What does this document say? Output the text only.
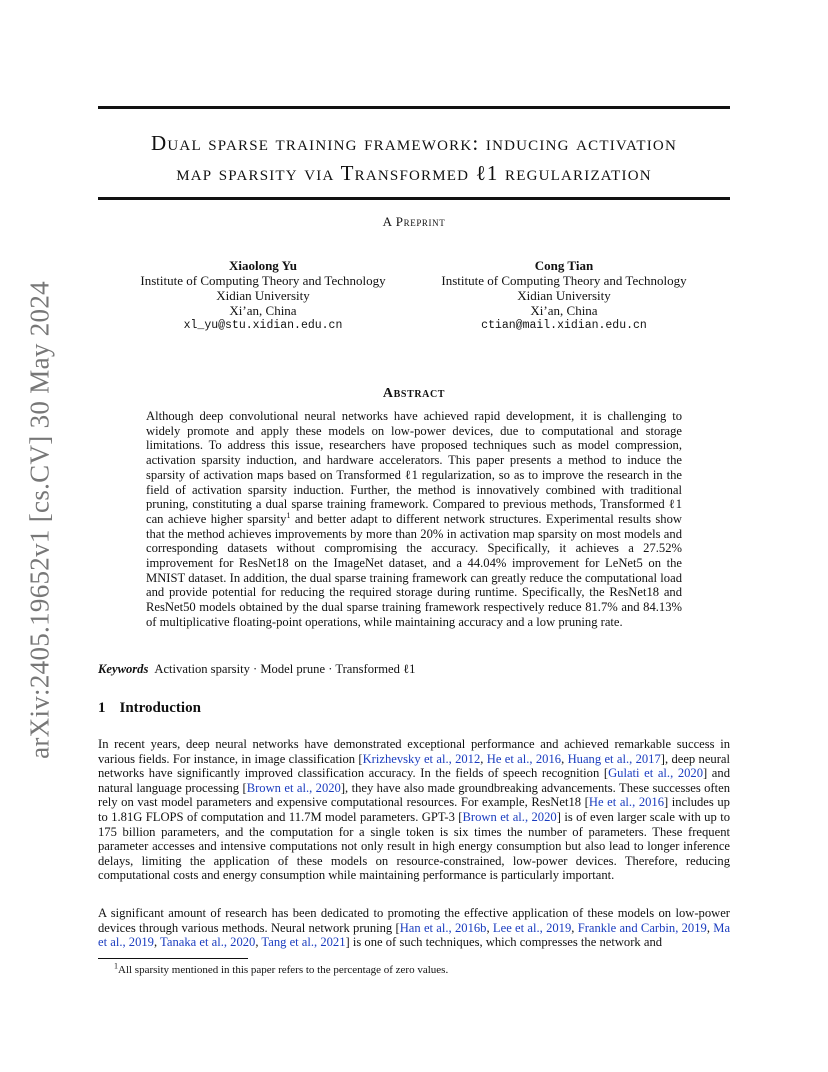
arXiv:2405.19652v1 [cs.CV] 30 May 2024
Dual sparse training framework: inducing activation
map sparsity via Transformed ℓ1 regularization
A Preprint
Xiaolong Yu
Institute of Computing Theory and Technology
Xidian University
Xi’an, China
xl_yu@stu.xidian.edu.cn
Cong Tian
Institute of Computing Theory and Technology
Xidian University
Xi’an, China
ctian@mail.xidian.edu.cn
Abstract
Although deep convolutional neural networks have achieved rapid development, it is challenging to widely promote and apply these models on low-power devices, due to computational and storage limitations. To address this issue, researchers have proposed techniques such as model compression, activation sparsity induction, and hardware accelerators. This paper presents a method to induce the sparsity of activation maps based on Transformed ℓ1 regularization, so as to improve the research in the field of activation sparsity induction. Further, the method is innovatively combined with traditional pruning, constituting a dual sparse training framework. Compared to previous methods, Transformed ℓ1 can achieve higher sparsity$^1$ and better adapt to different network structures. Experimental results show that the method achieves improvements by more than 20% in activation map sparsity on most models and corresponding datasets without compromising the accuracy. Specifically, it achieves a 27.52% improvement for ResNet18 on the ImageNet dataset, and a 44.04% improvement for LeNet5 on the MNIST dataset. In addition, the dual sparse training framework can greatly reduce the computational load and provide potential for reducing the required storage during runtime. Specifically, the ResNet18 and ResNet50 models obtained by the dual sparse training framework respectively reduce 81.7% and 84.13% of multiplicative floating-point operations, while maintaining accuracy and a low pruning rate.
Keywords Activation sparsity · Model prune · Transformed ℓ1
1 Introduction
In recent years, deep neural networks have demonstrated exceptional performance and achieved remarkable success in various fields. For instance, in image classification [Krizhevsky et al., 2012, He et al., 2016, Huang et al., 2017], deep neural networks have significantly improved classification accuracy. In the fields of speech recognition [Gulati et al., 2020] and natural language processing [Brown et al., 2020], they have also made groundbreaking advancements. These successes often rely on vast model parameters and expensive computational resources. For example, ResNet18 [He et al., 2016] includes up to 1.81G FLOPS of computation and 11.7M model parameters. GPT-3 [Brown et al., 2020] is of even larger scale with up to 175 billion parameters, and the computation for a single token is six times the number of parameters. These frequent parameter accesses and intensive computations not only result in high energy consumption but also lead to longer inference delays, limiting the application of these models on resource-constrained, low-power devices. Therefore, reducing computational costs and energy consumption while maintaining performance is particularly important.
A significant amount of research has been dedicated to promoting the effective application of these models on low-power devices through various methods. Neural network pruning [Han et al., 2016b, Lee et al., 2019, Frankle and Carbin, 2019, Ma et al., 2019, Tanaka et al., 2020, Tang et al., 2021] is one of such techniques, which compresses the network and
$^1$All sparsity mentioned in this paper refers to the percentage of zero values.
